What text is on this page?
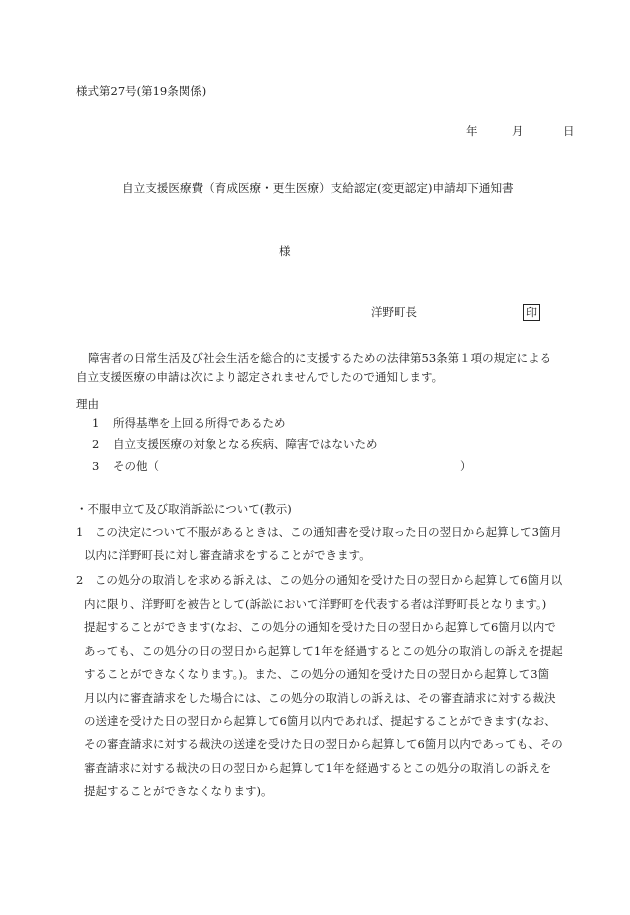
様式第27号(第19条関係)
年	月	日
自立支援医療費（育成医療・更生医療）支給認定(変更認定)申請却下通知書
様
洋野町長	印
障害者の日常生活及び社会生活を総合的に支援するための法律第53条第１項の規定による
自立支援医療の申請は次により認定されませんでしたので通知します。
理由
1 所得基準を上回る所得であるため
2 自立支援医療の対象となる疾病、障害ではないため
3 その他（	）
・不服申立て及び取消訴訟について(教示)
1　この決定について不服があるときは、この通知書を受け取った日の翌日から起算して3箇月
以内に洋野町長に対し審査請求をすることができます。
2　この処分の取消しを求める訴えは、この処分の通知を受けた日の翌日から起算して6箇月以
内に限り、洋野町を被告として(訴訟において洋野町を代表する者は洋野町長となります。)
提起することができます(なお、この処分の通知を受けた日の翌日から起算して6箇月以内で
あっても、この処分の日の翌日から起算して1年を経過するとこの処分の取消しの訴えを提起
することができなくなります。)。また、この処分の通知を受けた日の翌日から起算して3箇
月以内に審査請求をした場合には、この処分の取消しの訴えは、その審査請求に対する裁決
の送達を受けた日の翌日から起算して6箇月以内であれば、提起することができます(なお、
その審査請求に対する裁決の送達を受けた日の翌日から起算して6箇月以内であっても、その
審査請求に対する裁決の日の翌日から起算して1年を経過するとこの処分の取消しの訴えを
提起することができなくなります)。
